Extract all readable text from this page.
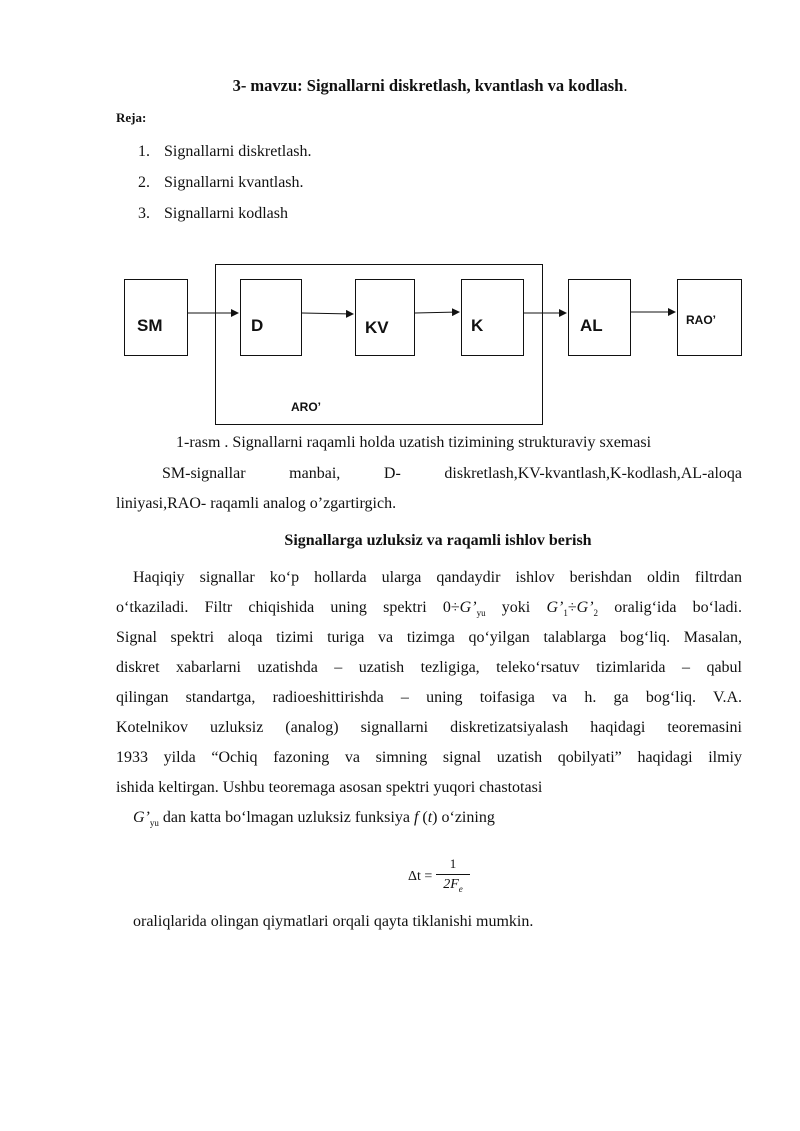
3- mavzu: Signallarni diskretlash, kvantlash va kodlash.
Reja:
1. Signallarni diskretlash.
2. Signallarni kvantlash.
3. Signallarni kodlash
ARO’
SM	D	KV	K	AL	RAO’
1-rasm . Signallarni raqamli holda uzatish tizimining strukturaviy sxemasi
SM-signallar manbai, D- diskretlash,KV-kvantlash,K-kodlash,AL-aloqa
liniyasi,RAO- raqamli analog o’zgartirgich.
Signallarga uzluksiz va raqamli ishlov berish
Haqiqiy signallar ko‘p hollarda ularga qandaydir ishlov berishdan oldin filtrdan
o‘tkaziladi. Filtr chiqishida uning spektri $0\div G’_{yu}$ yoki $G’_1\div G’_2$ oralig‘ida bo‘ladi.
Signal spektri aloqa tizimi turiga va tizimga qo‘yilgan talablarga bog‘liq. Masalan,
diskret xabarlarni uzatishda – uzatish tezligiga, teleko‘rsatuv tizimlarida – qabul
qilingan standartga, radioeshittirishda – uning toifasiga va h. ga bog‘liq. V.A.
Kotelnikov uzluksiz (analog) signallarni diskretizatsiyalash haqidagi teoremasini
1933 yilda “Ochiq fazoning va simning signal uzatish qobilyati” haqidagi ilmiy
ishida keltirgan. Ushbu teoremaga asosan spektri yuqori chastotasi
$G’_{yu}$ dan katta bo‘lmagan uzluksiz funksiya f (t) o‘zining
Δt =
1
$2F_e$
oraliqlarida olingan qiymatlari orqali qayta tiklanishi mumkin.
